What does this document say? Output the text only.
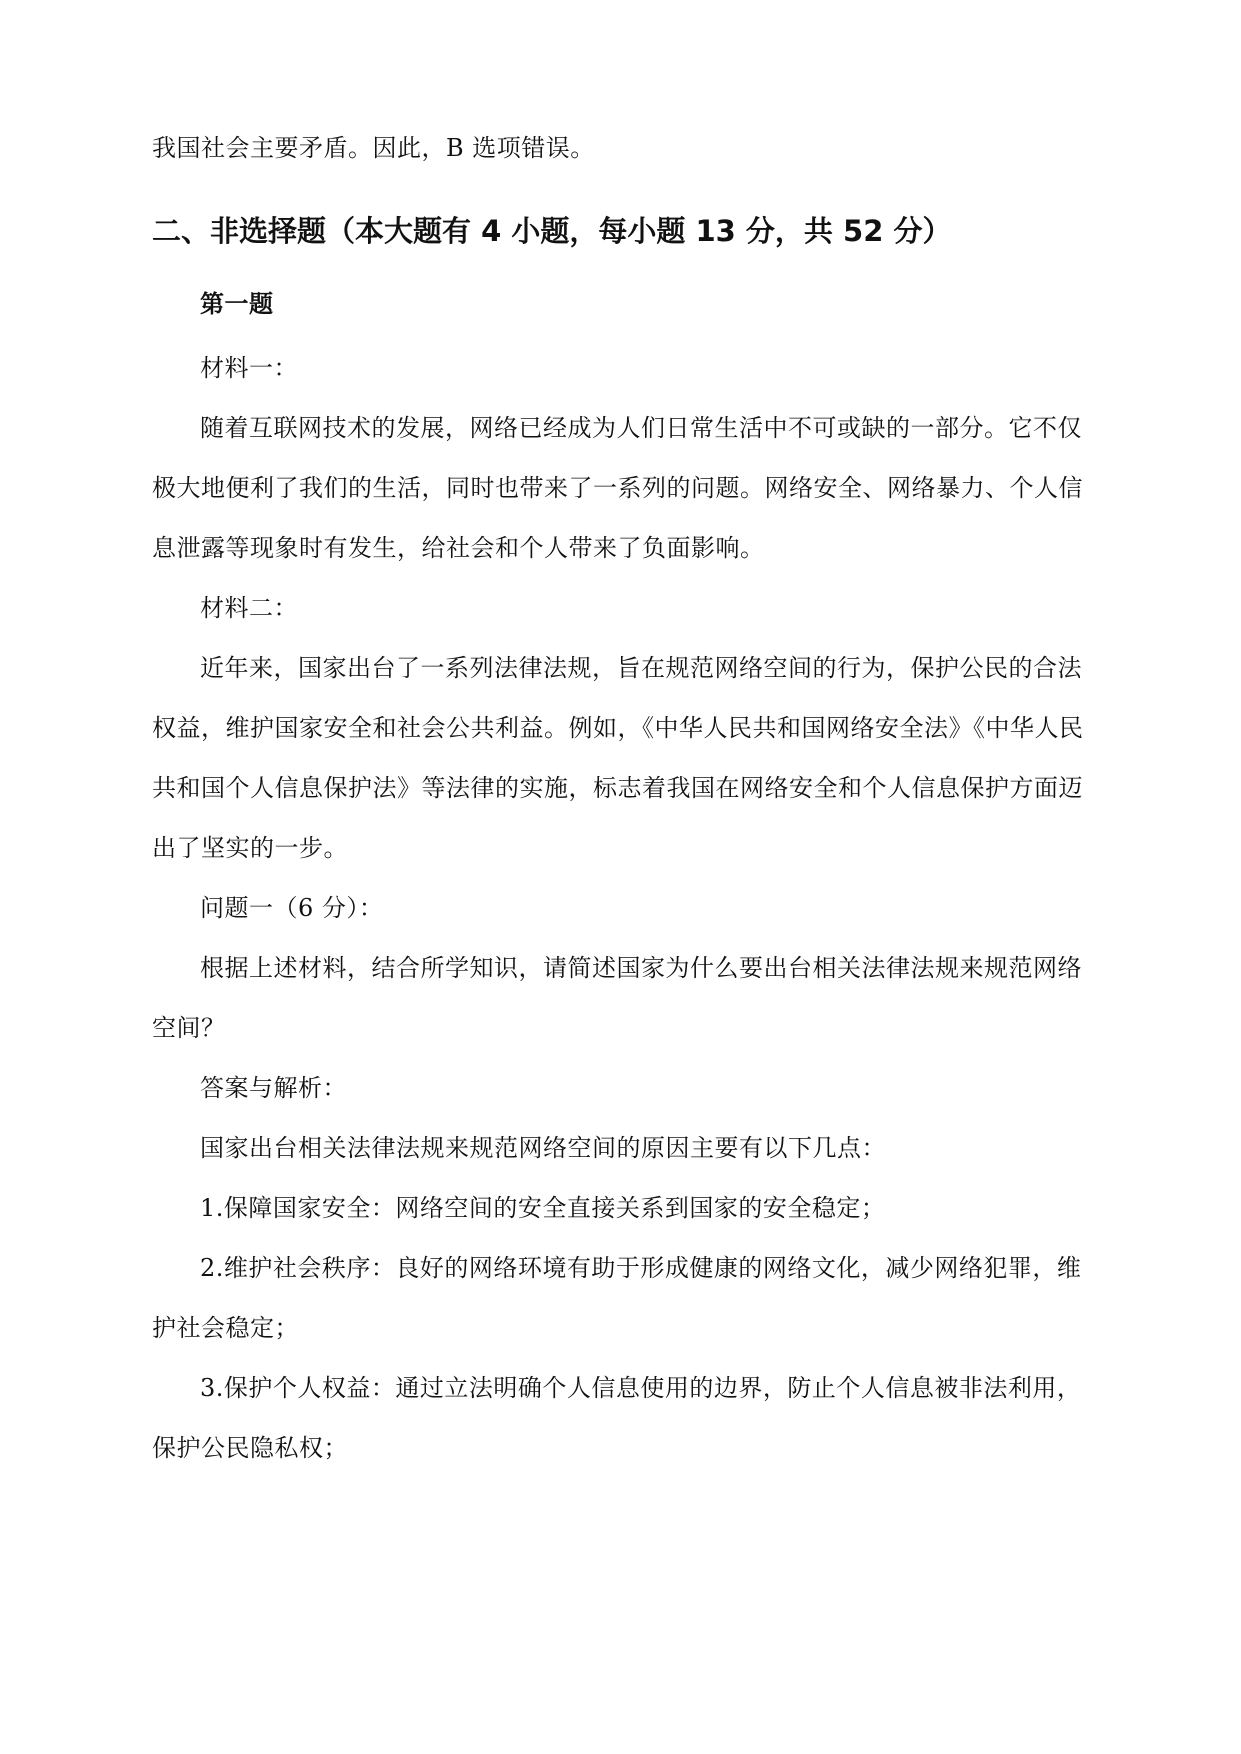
我国社会主要矛盾。因此，B 选项错误。
二、非选择题（本大题有 4 小题，每小题 13 分，共 52 分）
第一题
材料一：
随着互联网技术的发展，网络已经成为人们日常生活中不可或缺的一部分。它不仅
极大地便利了我们的生活，同时也带来了一系列的问题。网络安全、网络暴力、个人信
息泄露等现象时有发生，给社会和个人带来了负面影响。
材料二：
近年来，国家出台了一系列法律法规，旨在规范网络空间的行为，保护公民的合法
权益，维护国家安全和社会公共利益。例如，《中华人民共和国网络安全法》《中华人民
共和国个人信息保护法》等法律的实施，标志着我国在网络安全和个人信息保护方面迈
出了坚实的一步。
问题一（6 分）：
根据上述材料，结合所学知识，请简述国家为什么要出台相关法律法规来规范网络
空间？
答案与解析：
国家出台相关法律法规来规范网络空间的原因主要有以下几点：
1.保障国家安全：网络空间的安全直接关系到国家的安全稳定；
2.维护社会秩序：良好的网络环境有助于形成健康的网络文化，减少网络犯罪，维
护社会稳定；
3.保护个人权益：通过立法明确个人信息使用的边界，防止个人信息被非法利用，
保护公民隐私权；
